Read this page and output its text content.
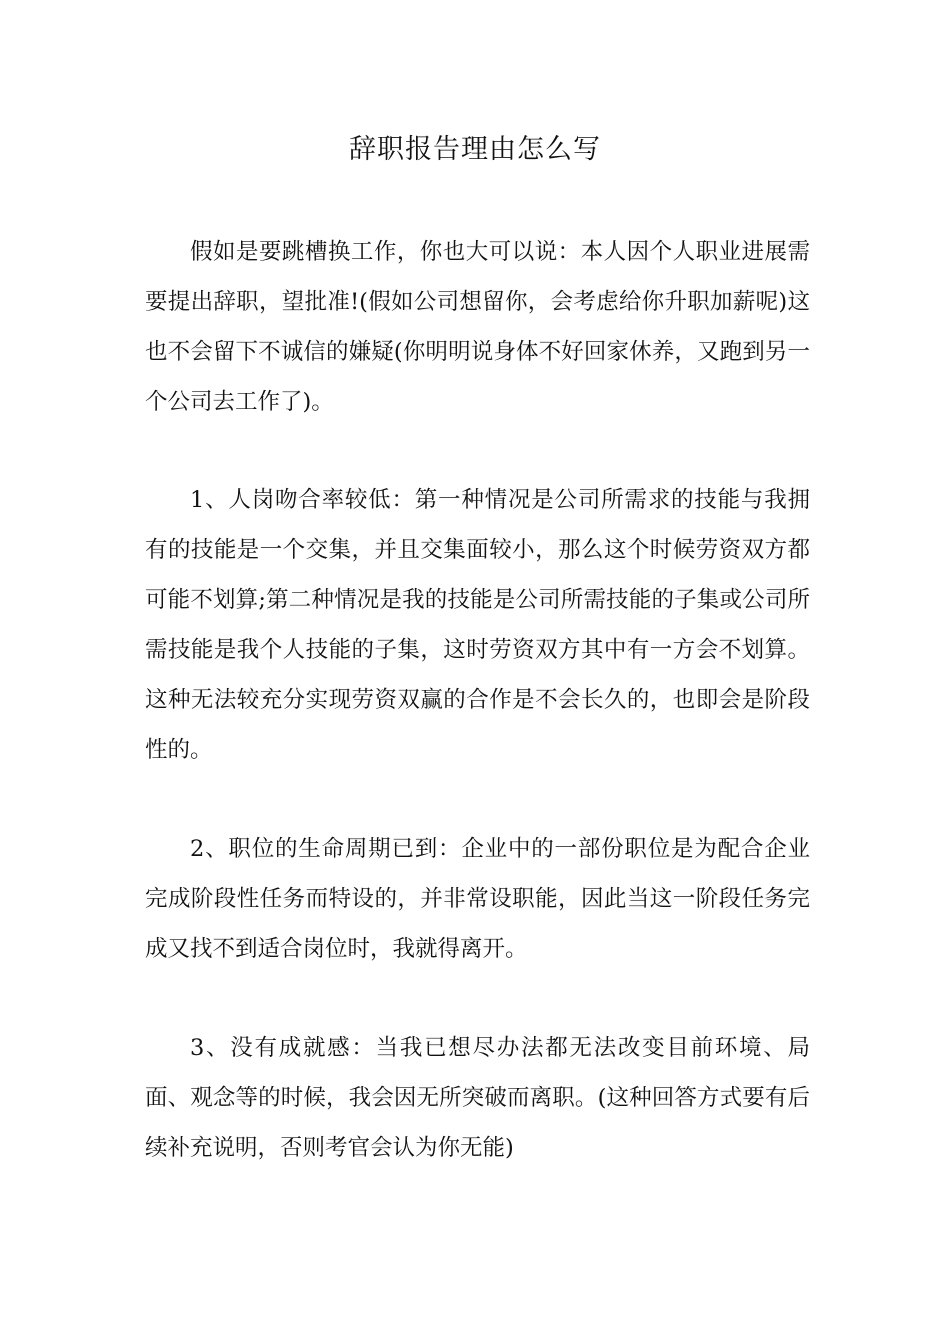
辞职报告理由怎么写

假如是要跳槽换工作，你也大可以说：本人因个人职业进展需要提出辞职，望批准!(假如公司想留你，会考虑给你升职加薪呢)这也不会留下不诚信的嫌疑(你明明说身体不好回家休养，又跑到另一个公司去工作了)。

1、人岗吻合率较低：第一种情况是公司所需求的技能与我拥有的技能是一个交集，并且交集面较小，那么这个时候劳资双方都可能不划算;第二种情况是我的技能是公司所需技能的子集或公司所需技能是我个人技能的子集，这时劳资双方其中有一方会不划算。这种无法较充分实现劳资双赢的合作是不会长久的，也即会是阶段性的。

2、职位的生命周期已到：企业中的一部份职位是为配合企业完成阶段性任务而特设的，并非常设职能，因此当这一阶段任务完成又找不到适合岗位时，我就得离开。

3、没有成就感：当我已想尽办法都无法改变目前环境、局面、观念等的时候，我会因无所突破而离职。(这种回答方式要有后续补充说明，否则考官会认为你无能)
